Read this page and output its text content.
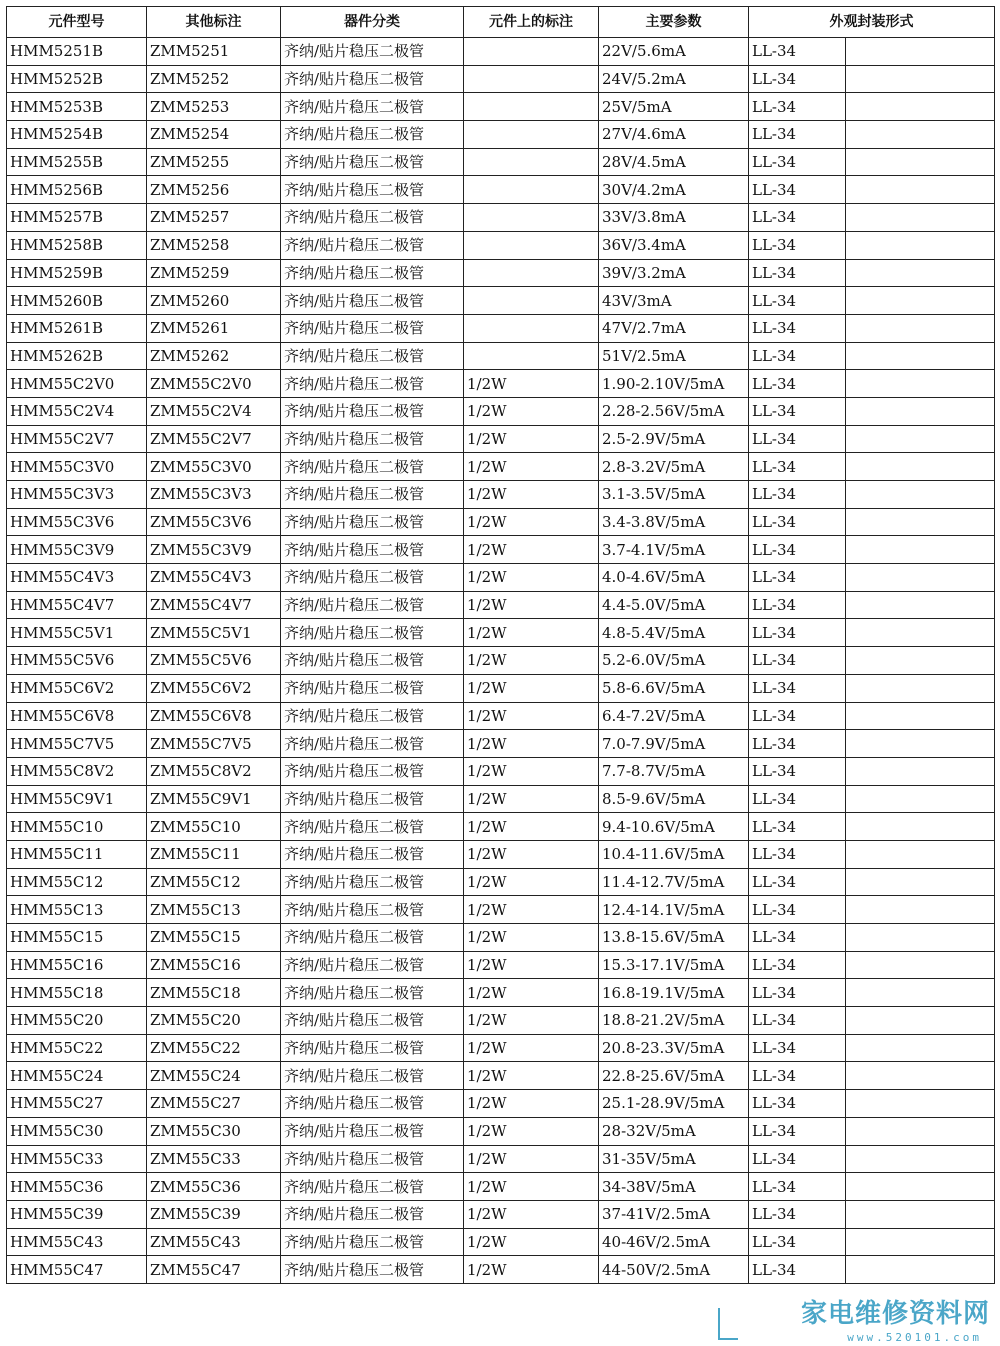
元件型号	其他标注	器件分类	元件上的标注	主要参数	外观封装形式	
HMM5251B	ZMM5251	齐纳/贴片稳压二极管		22V/5.6mA	LL-34	
HMM5252B	ZMM5252	齐纳/贴片稳压二极管		24V/5.2mA	LL-34	
HMM5253B	ZMM5253	齐纳/贴片稳压二极管		25V/5mA	LL-34	
HMM5254B	ZMM5254	齐纳/贴片稳压二极管		27V/4.6mA	LL-34	
HMM5255B	ZMM5255	齐纳/贴片稳压二极管		28V/4.5mA	LL-34	
HMM5256B	ZMM5256	齐纳/贴片稳压二极管		30V/4.2mA	LL-34	
HMM5257B	ZMM5257	齐纳/贴片稳压二极管		33V/3.8mA	LL-34	
HMM5258B	ZMM5258	齐纳/贴片稳压二极管		36V/3.4mA	LL-34	
HMM5259B	ZMM5259	齐纳/贴片稳压二极管		39V/3.2mA	LL-34	
HMM5260B	ZMM5260	齐纳/贴片稳压二极管		43V/3mA	LL-34	
HMM5261B	ZMM5261	齐纳/贴片稳压二极管		47V/2.7mA	LL-34	
HMM5262B	ZMM5262	齐纳/贴片稳压二极管		51V/2.5mA	LL-34	
HMM55C2V0	ZMM55C2V0	齐纳/贴片稳压二极管	1/2W	1.90-2.10V/5mA	LL-34	
HMM55C2V4	ZMM55C2V4	齐纳/贴片稳压二极管	1/2W	2.28-2.56V/5mA	LL-34	
HMM55C2V7	ZMM55C2V7	齐纳/贴片稳压二极管	1/2W	2.5-2.9V/5mA	LL-34	
HMM55C3V0	ZMM55C3V0	齐纳/贴片稳压二极管	1/2W	2.8-3.2V/5mA	LL-34	
HMM55C3V3	ZMM55C3V3	齐纳/贴片稳压二极管	1/2W	3.1-3.5V/5mA	LL-34	
HMM55C3V6	ZMM55C3V6	齐纳/贴片稳压二极管	1/2W	3.4-3.8V/5mA	LL-34	
HMM55C3V9	ZMM55C3V9	齐纳/贴片稳压二极管	1/2W	3.7-4.1V/5mA	LL-34	
HMM55C4V3	ZMM55C4V3	齐纳/贴片稳压二极管	1/2W	4.0-4.6V/5mA	LL-34	
HMM55C4V7	ZMM55C4V7	齐纳/贴片稳压二极管	1/2W	4.4-5.0V/5mA	LL-34	
HMM55C5V1	ZMM55C5V1	齐纳/贴片稳压二极管	1/2W	4.8-5.4V/5mA	LL-34	
HMM55C5V6	ZMM55C5V6	齐纳/贴片稳压二极管	1/2W	5.2-6.0V/5mA	LL-34	
HMM55C6V2	ZMM55C6V2	齐纳/贴片稳压二极管	1/2W	5.8-6.6V/5mA	LL-34	
HMM55C6V8	ZMM55C6V8	齐纳/贴片稳压二极管	1/2W	6.4-7.2V/5mA	LL-34	
HMM55C7V5	ZMM55C7V5	齐纳/贴片稳压二极管	1/2W	7.0-7.9V/5mA	LL-34	
HMM55C8V2	ZMM55C8V2	齐纳/贴片稳压二极管	1/2W	7.7-8.7V/5mA	LL-34	
HMM55C9V1	ZMM55C9V1	齐纳/贴片稳压二极管	1/2W	8.5-9.6V/5mA	LL-34	
HMM55C10	ZMM55C10	齐纳/贴片稳压二极管	1/2W	9.4-10.6V/5mA	LL-34	
HMM55C11	ZMM55C11	齐纳/贴片稳压二极管	1/2W	10.4-11.6V/5mA	LL-34	
HMM55C12	ZMM55C12	齐纳/贴片稳压二极管	1/2W	11.4-12.7V/5mA	LL-34	
HMM55C13	ZMM55C13	齐纳/贴片稳压二极管	1/2W	12.4-14.1V/5mA	LL-34	
HMM55C15	ZMM55C15	齐纳/贴片稳压二极管	1/2W	13.8-15.6V/5mA	LL-34	
HMM55C16	ZMM55C16	齐纳/贴片稳压二极管	1/2W	15.3-17.1V/5mA	LL-34	
HMM55C18	ZMM55C18	齐纳/贴片稳压二极管	1/2W	16.8-19.1V/5mA	LL-34	
HMM55C20	ZMM55C20	齐纳/贴片稳压二极管	1/2W	18.8-21.2V/5mA	LL-34	
HMM55C22	ZMM55C22	齐纳/贴片稳压二极管	1/2W	20.8-23.3V/5mA	LL-34	
HMM55C24	ZMM55C24	齐纳/贴片稳压二极管	1/2W	22.8-25.6V/5mA	LL-34	
HMM55C27	ZMM55C27	齐纳/贴片稳压二极管	1/2W	25.1-28.9V/5mA	LL-34	
HMM55C30	ZMM55C30	齐纳/贴片稳压二极管	1/2W	28-32V/5mA	LL-34	
HMM55C33	ZMM55C33	齐纳/贴片稳压二极管	1/2W	31-35V/5mA	LL-34	
HMM55C36	ZMM55C36	齐纳/贴片稳压二极管	1/2W	34-38V/5mA	LL-34	
HMM55C39	ZMM55C39	齐纳/贴片稳压二极管	1/2W	37-41V/2.5mA	LL-34	
HMM55C43	ZMM55C43	齐纳/贴片稳压二极管	1/2W	40-46V/2.5mA	LL-34	
HMM55C47	ZMM55C47	齐纳/贴片稳压二极管	1/2W	44-50V/2.5mA	LL-34	
家电维修资料网
www.520101.com
